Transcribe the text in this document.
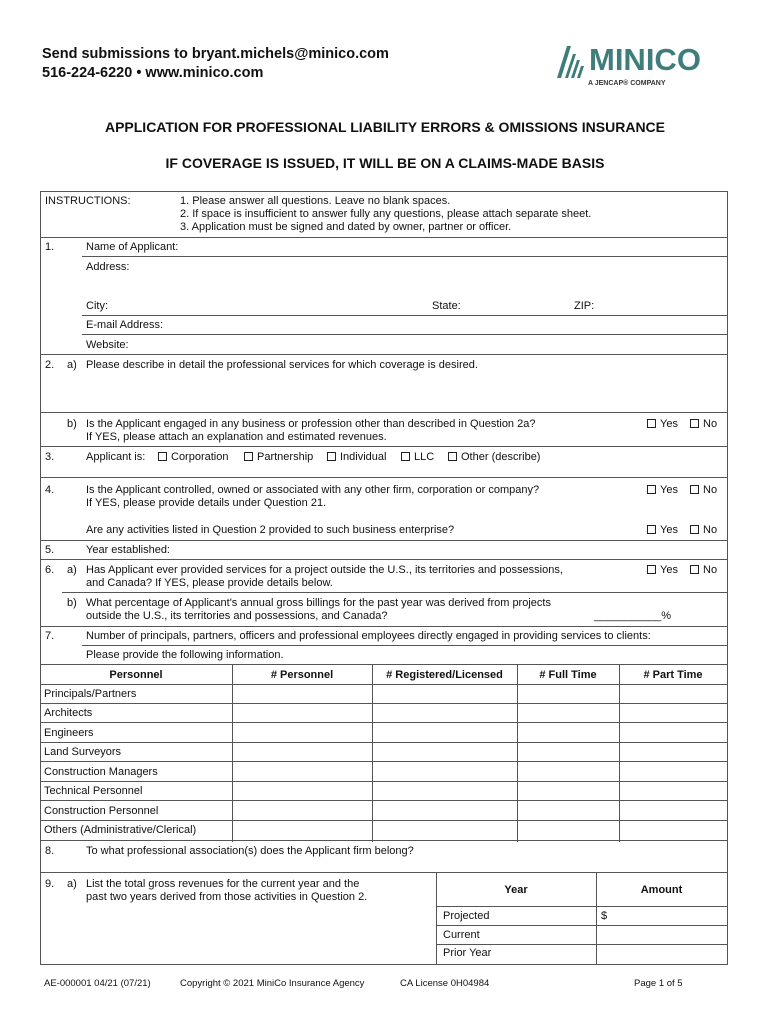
Send submissions to bryant.michels@minico.com
516-224-6220 • www.minico.com	MINICO
A JENCAP® COMPANY
APPLICATION FOR PROFESSIONAL LIABILITY ERRORS & OMISSIONS INSURANCE
IF COVERAGE IS ISSUED, IT WILL BE ON A CLAIMS-MADE BASIS
INSTRUCTIONS:	1. Please answer all questions. Leave no blank spaces.
2. If space is insufficient to answer fully any questions, please attach separate sheet.
3. Application must be signed and dated by owner, partner or officer.
1.	Name of Applicant:
Address:
City:	State:	ZIP:
E-mail Address:
Website:
2. a) Please describe in detail the professional services for which coverage is desired.
b) Is the Applicant engaged in any business or profession other than described in Question 2a?
If YES, please attach an explanation and estimated revenues.
Yes No
3.	Applicant is:	Corporation	Partnership	Individual	LLC	Other (describe)
4.	Is the Applicant controlled, owned or associated with any other firm, corporation or company?
If YES, please provide details under Question 21.
Yes No
Are any activities listed in Question 2 provided to such business enterprise?	Yes No
5.	Year established:
6. a) Has Applicant ever provided services for a project outside the U.S., its territories and possessions,
and Canada? If YES, please provide details below.
Yes No
b) What percentage of Applicant's annual gross billings for the past year was derived from projects
outside the U.S., its territories and possessions, and Canada?	___________%
7.	Number of principals, partners, officers and professional employees directly engaged in providing services to clients:
Please provide the following information.
Personnel	# Personnel	# Registered/Licensed	# Full Time	# Part Time
Principals/Partners
Architects
Engineers
Land Surveyors
Construction Managers
Technical Personnel
Construction Personnel
Others (Administrative/Clerical)
8.	To what professional association(s) does the Applicant firm belong?
9. a) List the total gross revenues for the current year and the
past two years derived from those activities in Question 2.
Year	Amount
Projected	$
Current
Prior Year
AE-000001 04/21 (07/21)	Copyright © 2021 MiniCo Insurance Agency	CA License 0H04984	Page 1 of 5
